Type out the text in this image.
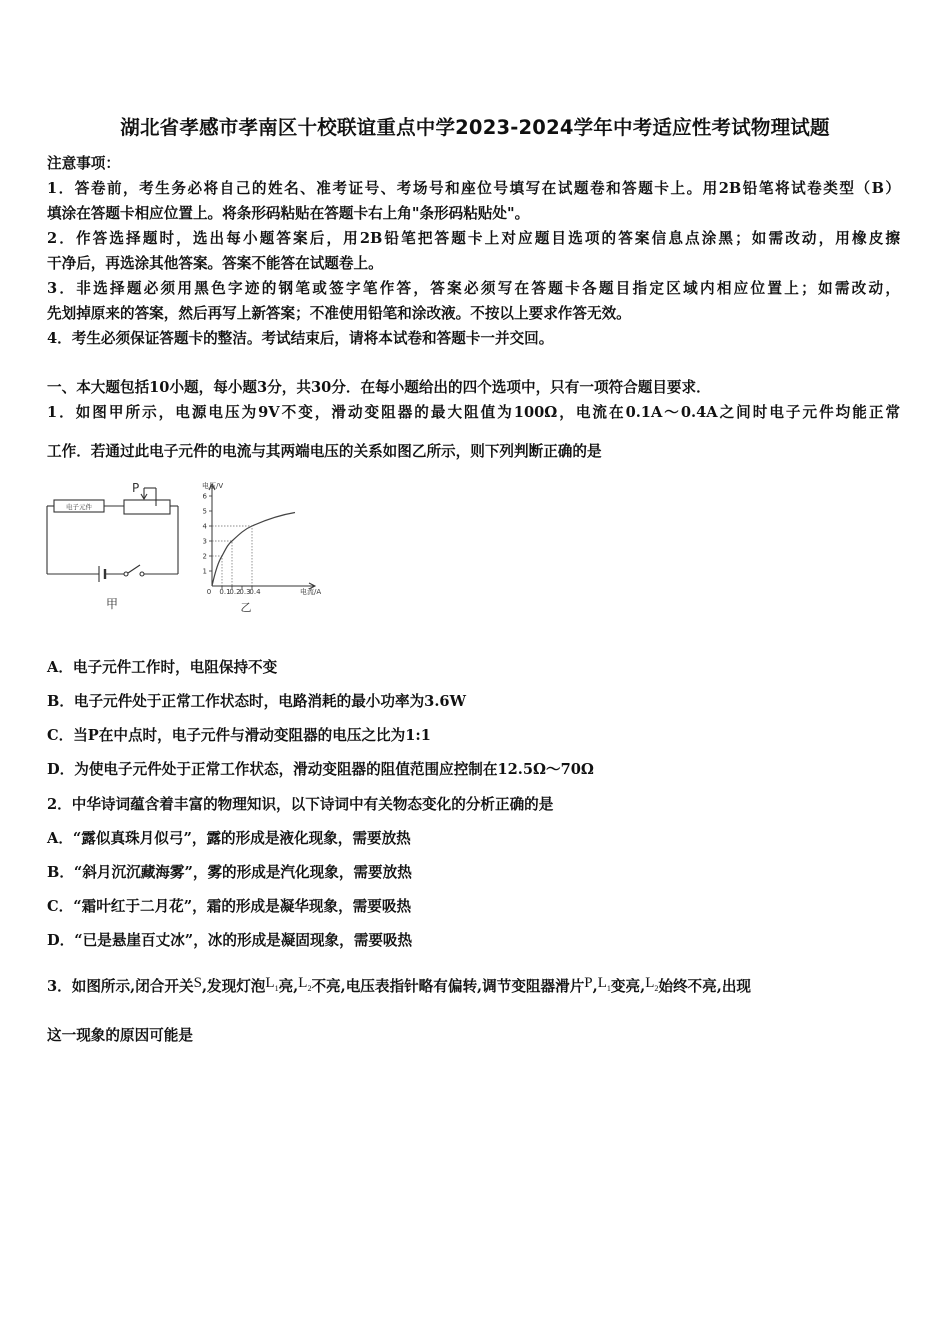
湖北省孝感市孝南区十校联谊重点中学2023-2024学年中考适应性考试物理试题
注意事项：
1．答卷前，考生务必将自己的姓名、准考证号、考场号和座位号填写在试题卷和答题卡上。用2B铅笔将试卷类型（B）
填涂在答题卡相应位置上。将条形码粘贴在答题卡右上角"条形码粘贴处"。
2．作答选择题时，选出每小题答案后，用2B铅笔把答题卡上对应题目选项的答案信息点涂黑；如需改动，用橡皮擦
干净后，再选涂其他答案。答案不能答在试题卷上。
3．非选择题必须用黑色字迹的钢笔或签字笔作答，答案必须写在答题卡各题目指定区域内相应位置上；如需改动，
先划掉原来的答案，然后再写上新答案；不准使用铅笔和涂改液。不按以上要求作答无效。
4．考生必须保证答题卡的整洁。考试结束后，请将本试卷和答题卡一并交回。
一、本大题包括10小题，每小题3分，共30分．在每小题给出的四个选项中，只有一项符合题目要求．
1．如图甲所示，电源电压为9V不变，滑动变阻器的最大阻值为100Ω，电流在0.1A～0.4A之间时电子元件均能正常
工作．若通过此电子元件的电流与其两端电压的关系如图乙所示，则下列判断正确的是
电子元件
P
甲
1
2
3
4
5
6
0.1
0.2
0.3
0.4
电压/V
电流/A
0
乙
A．电子元件工作时，电阻保持不变
B．电子元件处于正常工作状态时，电路消耗的最小功率为3.6W
C．当P在中点时，电子元件与滑动变阻器的电压之比为1:1
D．为使电子元件处于正常工作状态，滑动变阻器的阻值范围应控制在12.5Ω～70Ω
2．中华诗词蕴含着丰富的物理知识，以下诗词中有关物态变化的分析正确的是
A．“露似真珠月似弓”，露的形成是液化现象，需要放热
B．“斜月沉沉藏海雾”，雾的形成是汽化现象，需要放热
C．“霜叶红于二月花”，霜的形成是凝华现象，需要吸热
D．“已是悬崖百丈冰”，冰的形成是凝固现象，需要吸热
3．如图所示,闭合开关S,发现灯泡$L_1$亮$,L_2$不亮,电压表指针略有偏转,调节变阻器滑片$P,L_1$变亮$,L_2$始终不亮,出现
这一现象的原因可能是
